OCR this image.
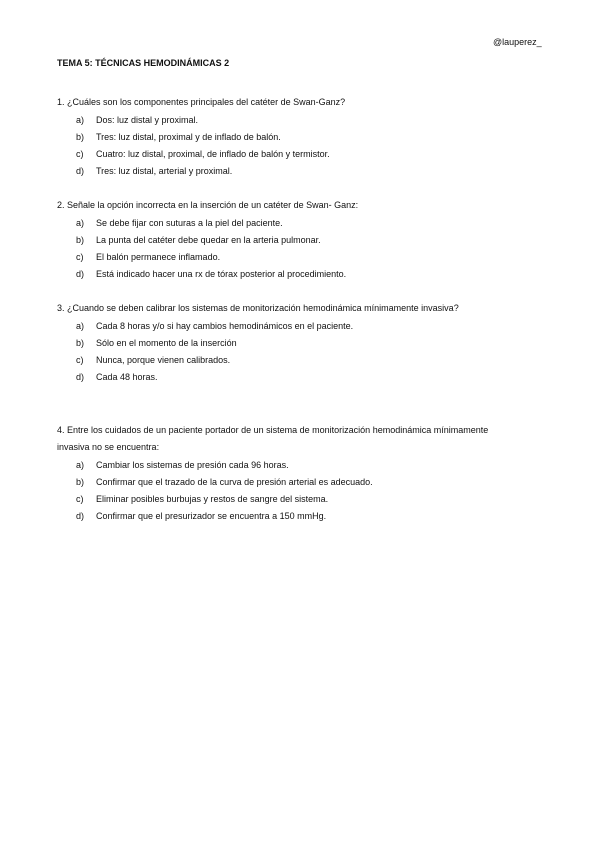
@lauperez_
TEMA 5: TÉCNICAS HEMODINÁMICAS 2

1. ¿Cuáles son los componentes principales del catéter de Swan-Ganz?

a)	Dos: luz distal y proximal.
b)	Tres: luz distal, proximal y de inflado de balón.
c)	Cuatro: luz distal, proximal, de inflado de balón y termistor.
d)	Tres: luz distal, arterial y proximal.

2. Señale la opción incorrecta en la inserción de un catéter de Swan- Ganz:

a)	Se debe fijar con suturas a la piel del paciente.
b)	La punta del catéter debe quedar en la arteria pulmonar.
c)	El balón permanece inflamado.
d)	Está indicado hacer una rx de tórax posterior al procedimiento.

3. ¿Cuando se deben calibrar los sistemas de monitorización hemodinámica mínimamente invasiva?

a)	Cada 8 horas y/o si hay cambios hemodinámicos en el paciente.
b)	Sólo en el momento de la inserción
c)	Nunca, porque vienen calibrados.
d)	Cada 48 horas.

4. Entre los cuidados de un paciente portador de un sistema de monitorización hemodinámica mínimamente invasiva no se encuentra:

a)	Cambiar los sistemas de presión cada 96 horas.
b)	Confirmar que el trazado de la curva de presión arterial es adecuado.
c)	Eliminar posibles burbujas y restos de sangre del sistema.
d)	Confirmar que el presurizador se encuentra a 150 mmHg.
